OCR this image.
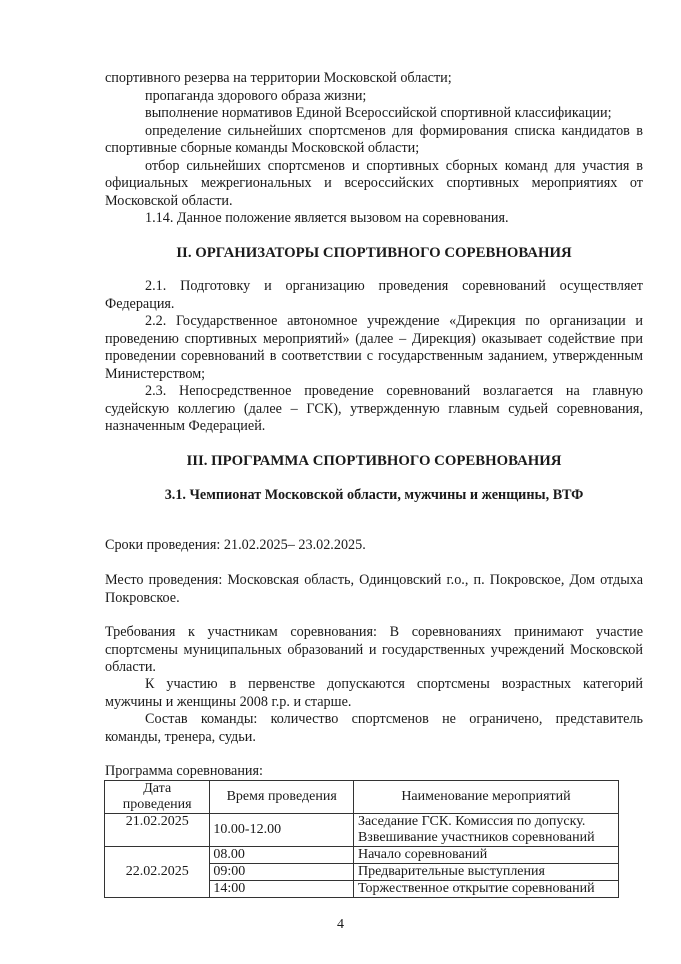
спортивного резерва на территории Московской области;

пропаганда здорового образа жизни;

выполнение нормативов Единой Всероссийской спортивной классификации;

определение сильнейших спортсменов для формирования списка кандидатов в спортивные сборные команды Московской области;

отбор сильнейших спортсменов и спортивных сборных команд для участия в официальных межрегиональных и всероссийских спортивных мероприятиях от Московской области.

1.14. Данное положение является вызовом на соревнования.

II. ОРГАНИЗАТОРЫ СПОРТИВНОГО СОРЕВНОВАНИЯ

2.1. Подготовку и организацию проведения соревнований осуществляет Федерация.

2.2. Государственное автономное учреждение «Дирекция по организации и проведению спортивных мероприятий» (далее – Дирекция) оказывает содействие при проведении соревнований в соответствии с государственным заданием, утвержденным Министерством;

2.3. Непосредственное проведение соревнований возлагается на главную судейскую коллегию (далее – ГСК), утвержденную главным судьей соревнования, назначенным Федерацией.

III. ПРОГРАММА СПОРТИВНОГО СОРЕВНОВАНИЯ
3.1. Чемпионат Московской области, мужчины и женщины, ВТФ

Сроки проведения: 21.02.2025– 23.02.2025.

Место проведения: Московская область, Одинцовский г.о., п. Покровское, Дом отдыха Покровское.

Требования к участникам соревнования: В соревнованиях принимают участие спортсмены муниципальных образований и государственных учреждений Московской области.

К участию в первенстве допускаются спортсмены возрастных категорий мужчины и женщины 2008 г.р. и старше.

Состав команды: количество спортсменов не ограничено, представитель команды, тренера, судьи.

Программа соревнования:

Дата проведения	Время проведения	Наименование мероприятий
21.02.2025	10.00-12.00	Заседание ГСК. Комиссия по допуску.
Взвешивание участников соревнований

22.02.2025	08.00	Начало соревнований
	09:00	Предварительные выступления
	14:00	Торжественное открытие соревнований
4
